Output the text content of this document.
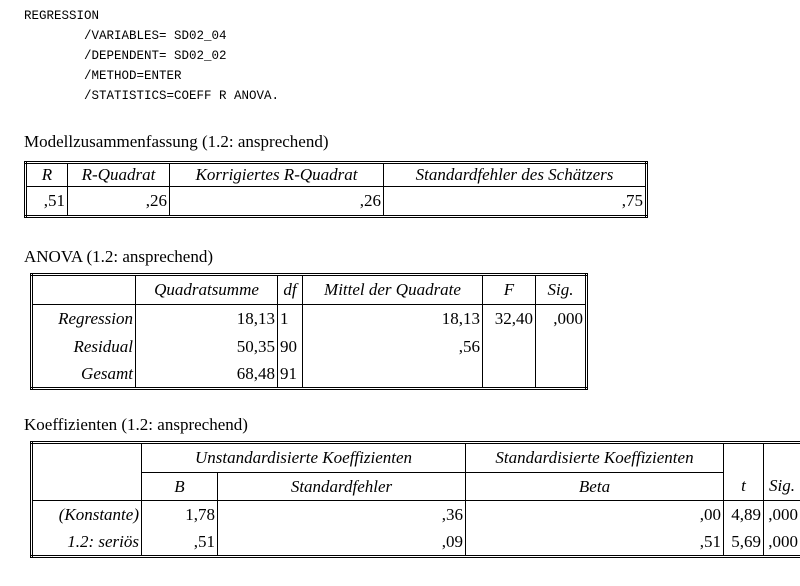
REGRESSION
/VARIABLES= SD02_04
/DEPENDENT= SD02_02
/METHOD=ENTER
/STATISTICS=COEFF R ANOVA.
Modellzusammenfassung (1.2: ansprechend)
R	R-Quadrat	Korrigiertes R-Quadrat	Standardfehler des Schätzers
,51	,26	,26	,75
ANOVA (1.2: ansprechend)
	Quadratsumme	df	Mittel der Quadrate	F	Sig.
Regression	18,13	1	18,13	32,40	,000
Residual	50,35	90	,56		
Gesamt	68,48	91			
Koeffizienten (1.2: ansprechend)
	Unstandardisierte Koeffizienten		Standardisierte Koeffizienten		
	B	Standardfehler	Beta	t	Sig.
(Konstante)	1,78	,36	,00	4,89	,000
1.2: seriös	,51	,09	,51	5,69	,000
